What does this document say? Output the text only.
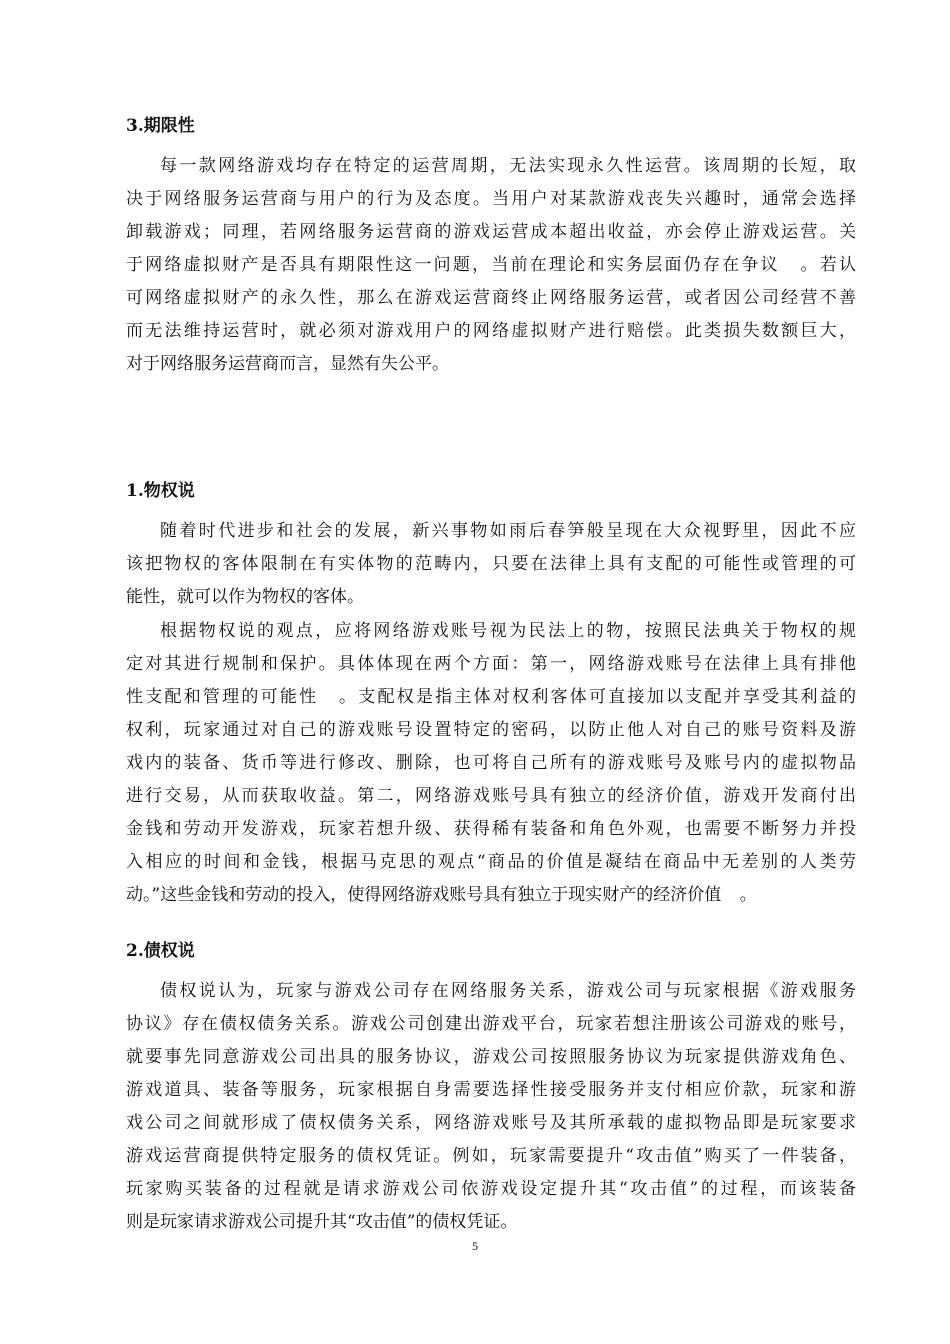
3.期限性
每一款网络游戏均存在特定的运营周期，无法实现永久性运营。该周期的长短，取
决于网络服务运营商与用户的行为及态度。当用户对某款游戏丧失兴趣时，通常会选择
卸载游戏；同理，若网络服务运营商的游戏运营成本超出收益，亦会停止游戏运营。关
于网络虚拟财产是否具有期限性这一问题，当前在理论和实务层面仍存在争议 。若认
可网络虚拟财产的永久性，那么在游戏运营商终止网络服务运营，或者因公司经营不善
而无法维持运营时，就必须对游戏用户的网络虚拟财产进行赔偿。此类损失数额巨大，
对于网络服务运营商而言，显然有失公平。
1.物权说
随着时代进步和社会的发展，新兴事物如雨后春笋般呈现在大众视野里，因此不应
该把物权的客体限制在有实体物的范畴内，只要在法律上具有支配的可能性或管理的可
能性，就可以作为物权的客体。
根据物权说的观点，应将网络游戏账号视为民法上的物，按照民法典关于物权的规
定对其进行规制和保护。具体体现在两个方面：第一，网络游戏账号在法律上具有排他
性支配和管理的可能性 。支配权是指主体对权利客体可直接加以支配并享受其利益的
权利，玩家通过对自己的游戏账号设置特定的密码，以防止他人对自己的账号资料及游
戏内的装备、货币等进行修改、删除，也可将自己所有的游戏账号及账号内的虚拟物品
进行交易，从而获取收益。第二，网络游戏账号具有独立的经济价值，游戏开发商付出
金钱和劳动开发游戏，玩家若想升级、获得稀有装备和角色外观，也需要不断努力并投
入相应的时间和金钱，根据马克思的观点“商品的价值是凝结在商品中无差别的人类劳
动。”这些金钱和劳动的投入，使得网络游戏账号具有独立于现实财产的经济价值 。
2.债权说
债权说认为，玩家与游戏公司存在网络服务关系，游戏公司与玩家根据《游戏服务
协议》存在债权债务关系。游戏公司创建出游戏平台，玩家若想注册该公司游戏的账号，
就要事先同意游戏公司出具的服务协议，游戏公司按照服务协议为玩家提供游戏角色、
游戏道具、装备等服务，玩家根据自身需要选择性接受服务并支付相应价款，玩家和游
戏公司之间就形成了债权债务关系，网络游戏账号及其所承载的虚拟物品即是玩家要求
游戏运营商提供特定服务的债权凭证。例如，玩家需要提升“攻击值”购买了一件装备，
玩家购买装备的过程就是请求游戏公司依游戏设定提升其“攻击值”的过程，而该装备
则是玩家请求游戏公司提升其“攻击值”的债权凭证。
5
